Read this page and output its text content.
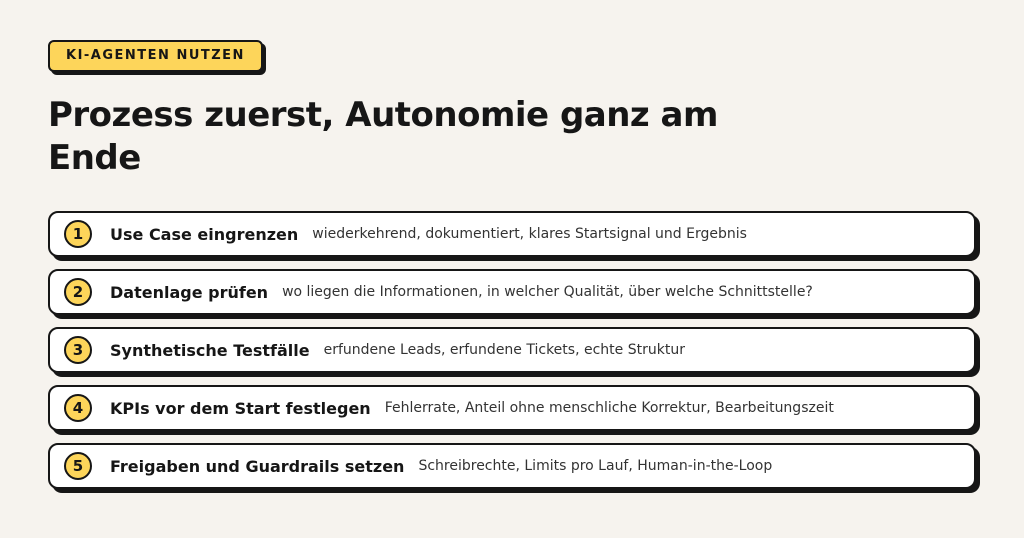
KI-AGENTEN NUTZEN
Prozess zuerst, Autonomie ganz am Ende
1	Use Case eingrenzen wiederkehrend, dokumentiert, klares Startsignal und Ergebnis
2	Datenlage prüfen wo liegen die Informationen, in welcher Qualität, über welche Schnittstelle?
3	Synthetische Testfälle erfundene Leads, erfundene Tickets, echte Struktur
4	KPIs vor dem Start festlegen Fehlerrate, Anteil ohne menschliche Korrektur, Bearbeitungszeit
5	Freigaben und Guardrails setzen Schreibrechte, Limits pro Lauf, Human-in-the-Loop
